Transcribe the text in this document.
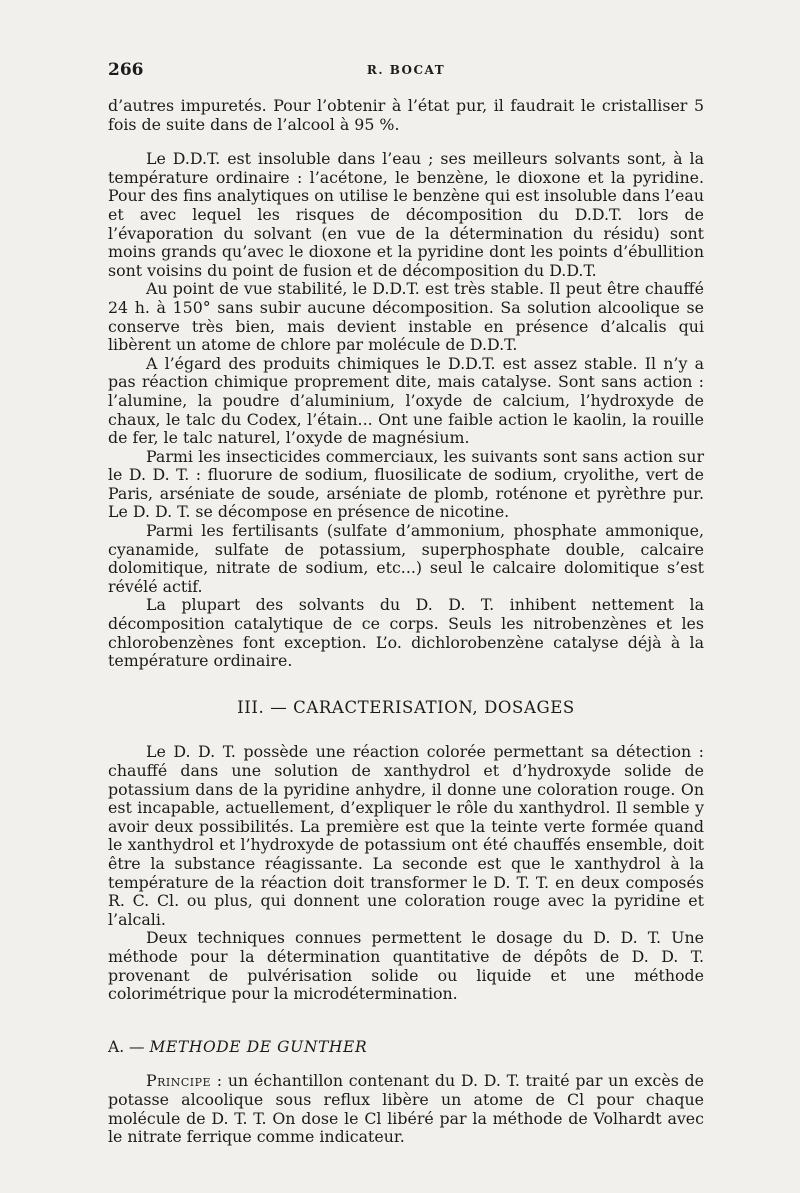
266	R. BOCAT

d’autres impuretés. Pour l’obtenir à l’état pur, il faudrait le cristalliser 5 fois de suite dans de l’alcool à 95 %.

Le D.D.T. est insoluble dans l’eau ; ses meilleurs solvants sont, à la température ordinaire : l’acétone, le benzène, le dioxone et la pyridine. Pour des fins analytiques on utilise le benzène qui est insoluble dans l’eau et avec lequel les risques de décomposition du D.D.T. lors de l’évaporation du solvant (en vue de la détermination du résidu) sont moins grands qu’avec le dioxone et la pyridine dont les points d’ébullition sont voisins du point de fusion et de décomposition du D.D.T.

Au point de vue stabilité, le D.D.T. est très stable. Il peut être chauffé 24 h. à 150° sans subir aucune décomposition. Sa solution alcoolique se conserve très bien, mais devient instable en présence d’alcalis qui libèrent un atome de chlore par molécule de D.D.T.

A l’égard des produits chimiques le D.D.T. est assez stable. Il n’y a pas réaction chimique proprement dite, mais catalyse. Sont sans action : l’alumine, la poudre d’aluminium, l’oxyde de calcium, l’hydroxyde de chaux, le talc du Codex, l’étain... Ont une faible action le kaolin, la rouille de fer, le talc naturel, l’oxyde de magnésium.

Parmi les insecticides commerciaux, les suivants sont sans action sur le D. D. T. : fluorure de sodium, fluosilicate de sodium, cryolithe, vert de Paris, arséniate de soude, arséniate de plomb, roténone et pyrèthre pur. Le D. D. T. se décompose en présence de nicotine.

Parmi les fertilisants (sulfate d’ammonium, phosphate ammonique, cyanamide, sulfate de potassium, superphosphate double, calcaire dolomitique, nitrate de sodium, etc...) seul le calcaire dolomitique s’est révélé actif.

La plupart des solvants du D. D. T. inhibent nettement la décomposition catalytique de ce corps. Seuls les nitrobenzènes et les chlorobenzènes font exception. L’o. dichlorobenzène catalyse déjà à la température ordinaire.

III. — CARACTERISATION, DOSAGES

Le D. D. T. possède une réaction colorée permettant sa détection : chauffé dans une solution de xanthydrol et d’hydroxyde solide de potassium dans de la pyridine anhydre, il donne une coloration rouge. On est incapable, actuellement, d’expliquer le rôle du xanthydrol. Il semble y avoir deux possibilités. La première est que la teinte verte formée quand le xanthydrol et l’hydroxyde de potassium ont été chauffés ensemble, doit être la substance réagissante. La seconde est que le xanthydrol à la température de la réaction doit transformer le D. T. T. en deux composés R. C. Cl. ou plus, qui donnent une coloration rouge avec la pyridine et l’alcali.

Deux techniques connues permettent le dosage du D. D. T. Une méthode pour la détermination quantitative de dépôts de D. D. T. provenant de pulvérisation solide ou liquide et une méthode colorimétrique pour la microdétermination.

A. — METHODE DE GUNTHER

Principe : un échantillon contenant du D. D. T. traité par un excès de potasse alcoolique sous reflux libère un atome de Cl pour chaque molécule de D. T. T. On dose le Cl libéré par la méthode de Volhardt avec le nitrate ferrique comme indicateur.
